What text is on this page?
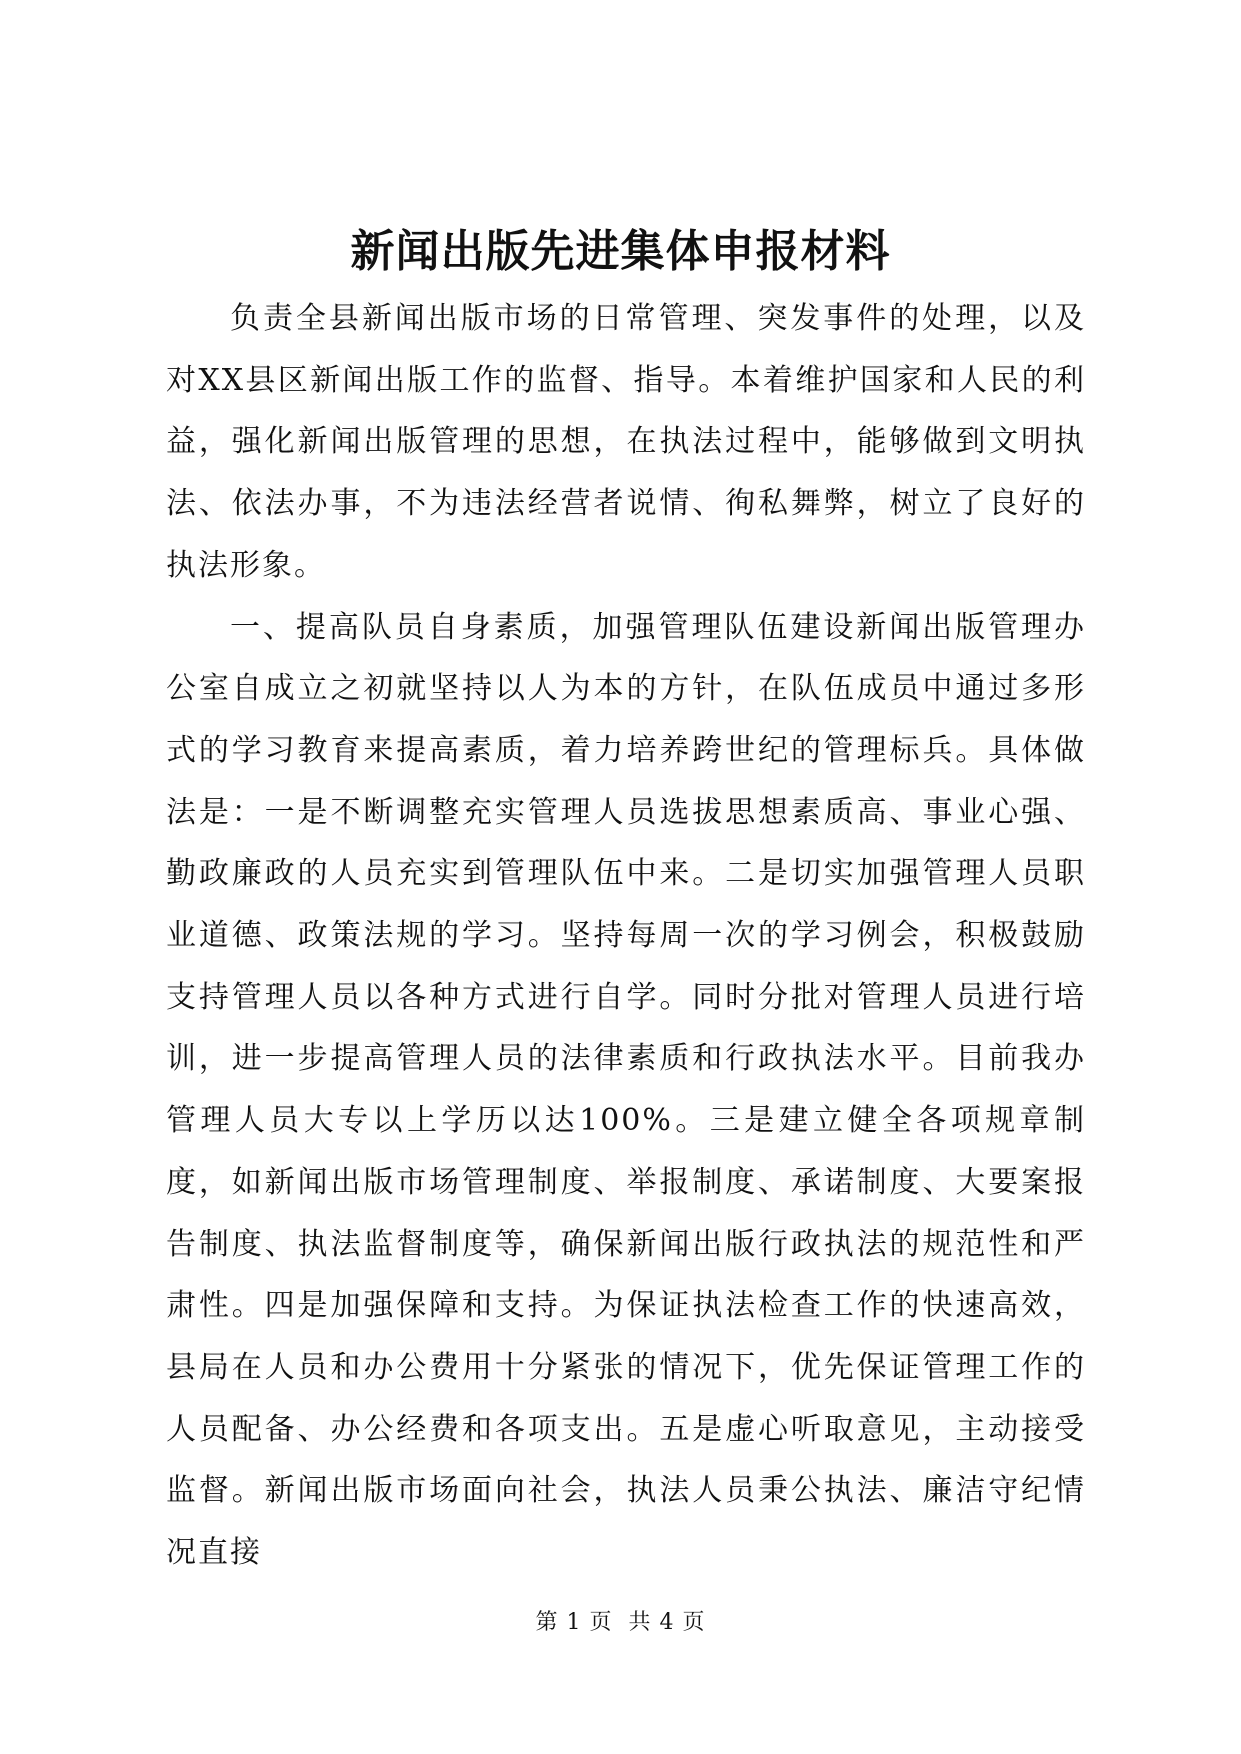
新闻出版先进集体申报材料

负责全县新闻出版市场的日常管理、突发事件的处理，以及对XX县区新闻出版工作的监督、指导。本着维护国家和人民的利益，强化新闻出版管理的思想，在执法过程中，能够做到文明执法、依法办事，不为违法经营者说情、徇私舞弊，树立了良好的执法形象。

一、提高队员自身素质，加强管理队伍建设新闻出版管理办公室自成立之初就坚持以人为本的方针，在队伍成员中通过多形式的学习教育来提高素质，着力培养跨世纪的管理标兵。具体做法是：一是不断调整充实管理人员选拔思想素质高、事业心强、勤政廉政的人员充实到管理队伍中来。二是切实加强管理人员职业道德、政策法规的学习。坚持每周一次的学习例会，积极鼓励支持管理人员以各种方式进行自学。同时分批对管理人员进行培训，进一步提高管理人员的法律素质和行政执法水平。目前我办管理人员大专以上学历以达100%。三是建立健全各项规章制度，如新闻出版市场管理制度、举报制度、承诺制度、大要案报告制度、执法监督制度等，确保新闻出版行政执法的规范性和严肃性。四是加强保障和支持。为保证执法检查工作的快速高效，县局在人员和办公费用十分紧张的情况下，优先保证管理工作的人员配备、办公经费和各项支出。五是虚心听取意见，主动接受监督。新闻出版市场面向社会，执法人员秉公执法、廉洁守纪情况直接

第 1 页 共 4 页
